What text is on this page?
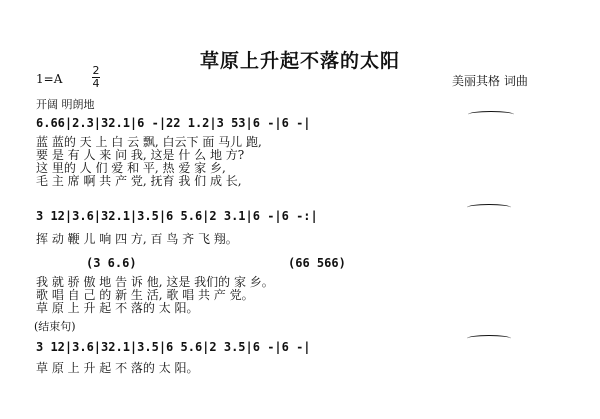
草原上升起不落的太阳
1=A
2
4
开阔 明朗地
美丽其格 词曲
6.66|2.3|32.1|6 -|22 1.2|3 53|6 -|6 -|
蓝 蓝的 天 上 白 云 飘, 白云下 面 马儿 跑,
要 是 有 人 来 问 我, 这是 什 么 地 方?
这 里的 人 们 爱 和 平, 热 爱 家 乡,
毛 主 席 啊 共 产 党, 抚育 我 们 成 长,
3 12|3.6|32.1|3.5|6 5.6|2 3.1|6 -|6 -:|
挥 动 鞭 儿 响 四 方, 百 鸟 齐 飞 翔。
(3 6.6)	(66 566)
我 就 骄 傲 地 告 诉 他, 这是 我们的 家 乡。
歌 唱 自 己 的 新 生 活, 歌 唱 共 产 党。
草 原 上 升 起 不 落的 太 阳。
(结束句)
3 12|3.6|32.1|3.5|6 5.6|2 3.5|6 -|6 -|
草 原 上 升 起 不 落的 太 阳。
